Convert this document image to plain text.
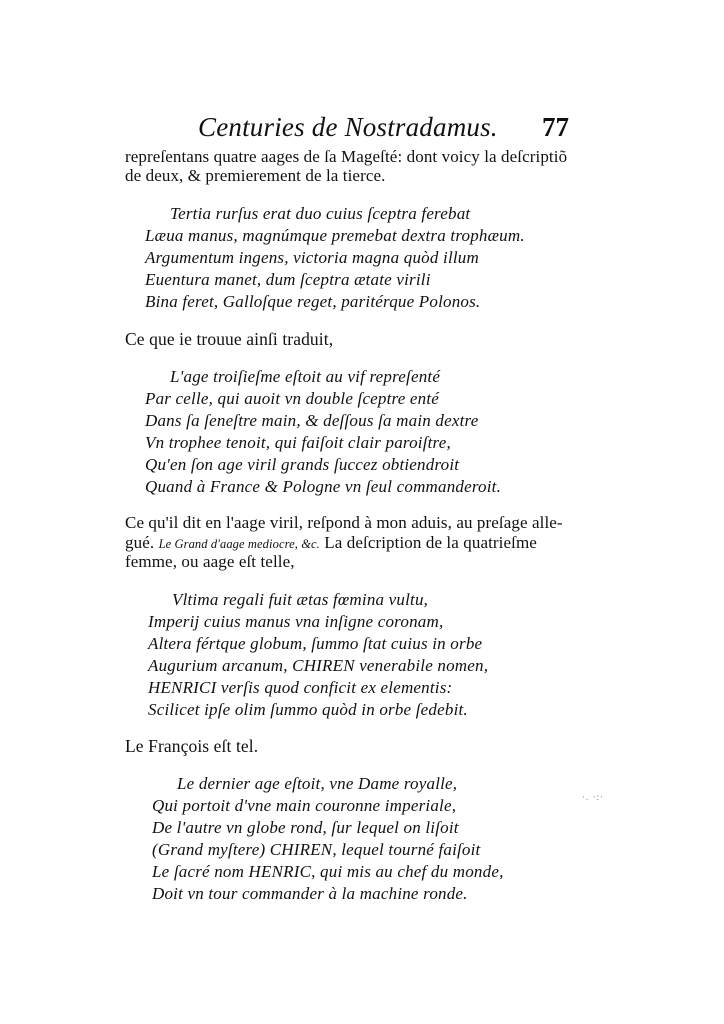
Centuries de Nostradamus. 77
repreſentans quatre aages de ſa Mageſté: dont voicy la deſcriptiõ
de deux, & premierement de la tierce.
Tertia rurſus erat duo cuius ſceptra ferebat
Læua manus, magnúmque premebat dextra trophæum.
Argumentum ingens, victoria magna quòd illum
Euentura manet, dum ſceptra ætate virili
Bina feret, Galloſque reget, paritérque Polonos.
Ce que ie trouue ainſi traduit,
L'age troiſieſme eſtoit au vif repreſenté
Par celle, qui auoit vn double ſceptre enté
Dans ſa ſeneſtre main, & deſſous ſa main dextre
Vn trophee tenoit, qui faiſoit clair paroiſtre,
Qu'en ſon age viril grands ſuccez obtiendroit
Quand à France & Pologne vn ſeul commanderoit.
Ce qu'il dit en l'aage viril, reſpond à mon aduis, au preſage alle-
gué. Le Grand d'aage mediocre, &c. La deſcription de la quatrieſme
femme, ou aage eſt telle,
Vltima regali fuit ætas fœmina vultu,
Imperij cuius manus vna inſigne coronam,
Altera fértque globum, ſummo ſtat cuius in orbe
Augurium arcanum, CHIREN venerabile nomen,
HENRICI verſis quod conficit ex elementis:
Scilicet ipſe olim ſummo quòd in orbe ſedebit.
Le François eſt tel.
Le dernier age eſtoit, vne Dame royalle,
Qui portoit d'vne main couronne imperiale,
De l'autre vn globe rond, ſur lequel on liſoit
(Grand myſtere) CHIREN, lequel tourné faiſoit
Le ſacré nom HENRIC, qui mis au chef du monde,
Doit vn tour commander à la machine ronde.
·. ·:·
